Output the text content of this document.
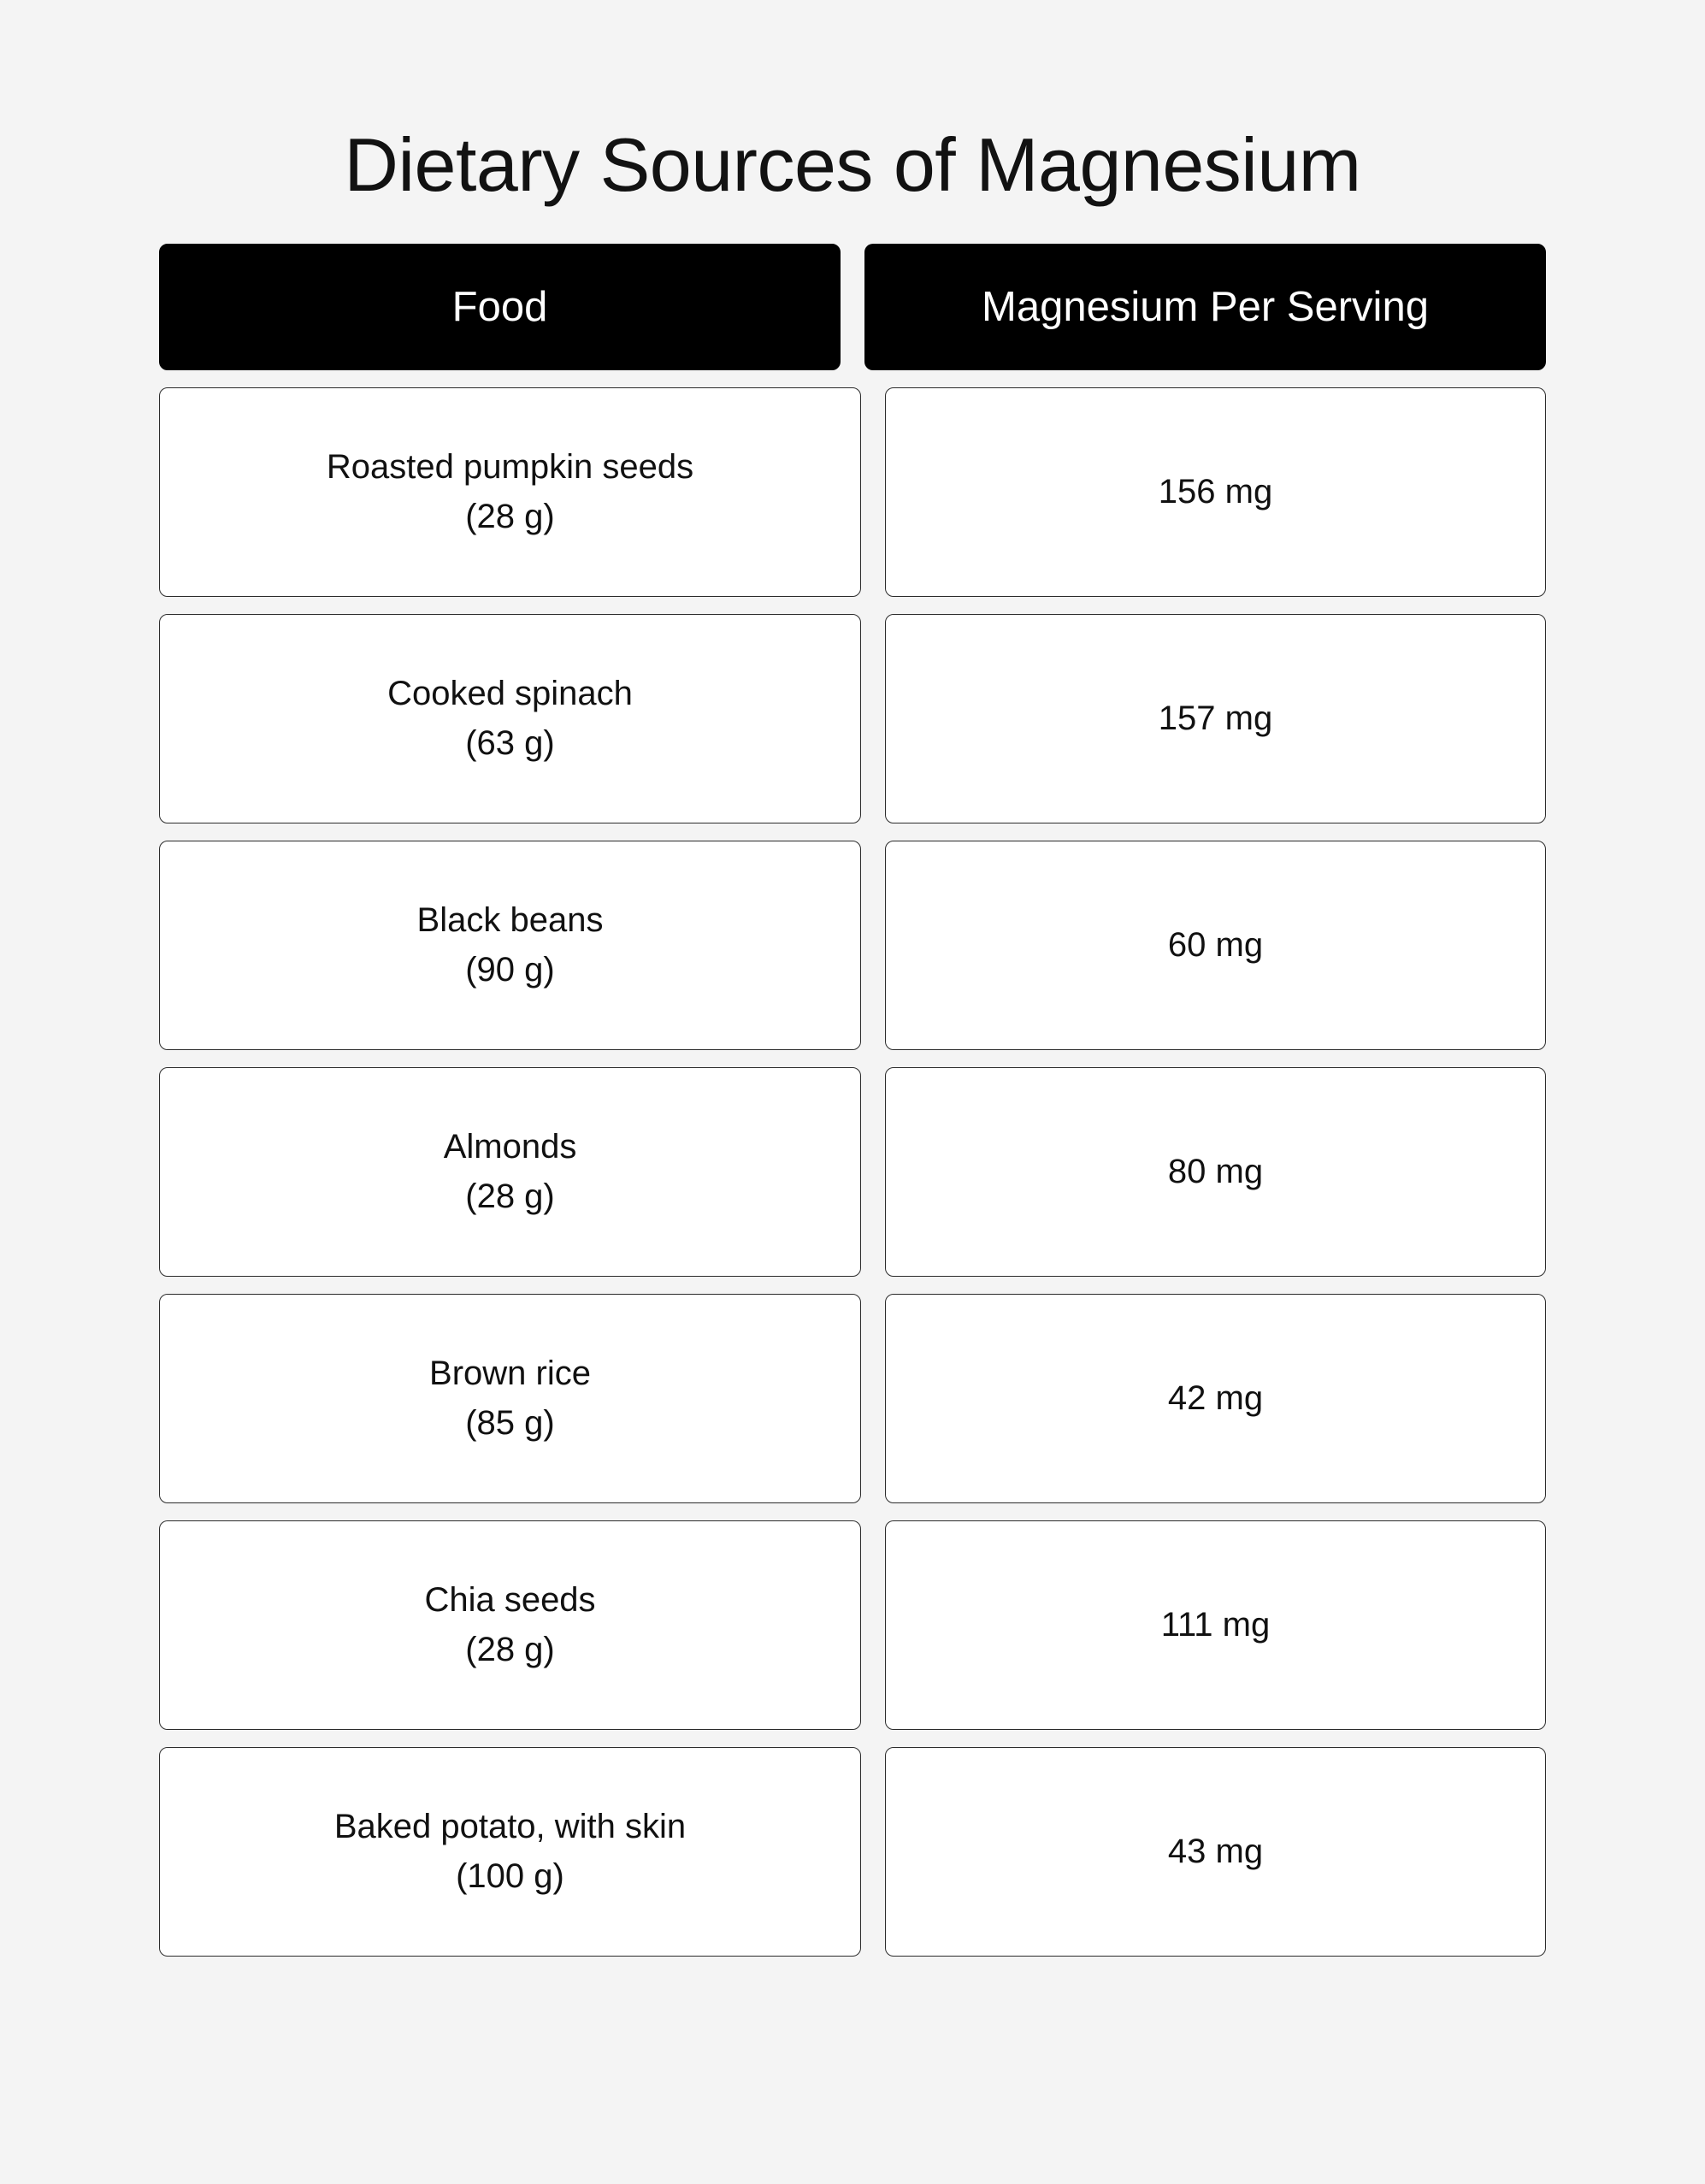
Dietary Sources of Magnesium
Food	Magnesium Per Serving
Roasted pumpkin seeds
(28 g)
156 mg
Cooked spinach
(63 g)
157 mg
Black beans
(90 g)
60 mg
Almonds
(28 g)
80 mg
Brown rice
(85 g)
42 mg
Chia seeds
(28 g)
111 mg
Baked potato, with skin
(100 g)
43 mg
